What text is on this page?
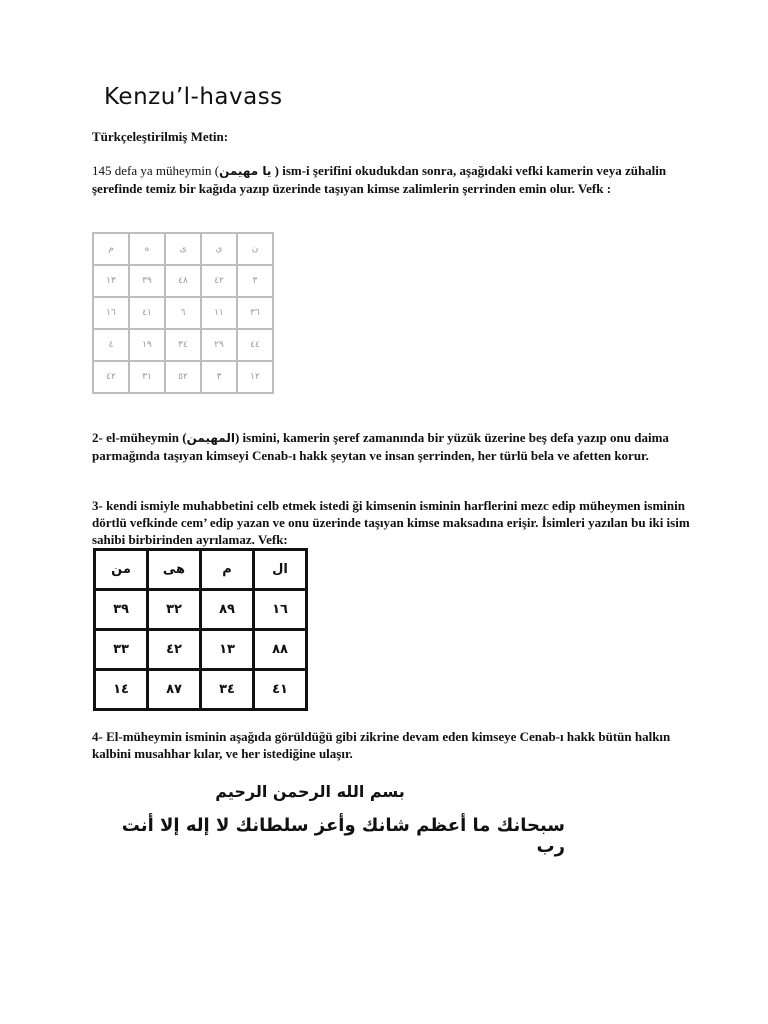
Kenzu’l-havass
Türkçeleştirilmiş Metin:
145 defa ya müheymin (يا مهيمن ) ism-i şerifini okudukdan sonra, aşağıdaki vefki kamerin veya zühalin şerefinde temiz bir kağıda yazıp üzerinde taşıyan kimse zalimlerin şerrinden emin olur. Vefk :
ن	ي	ى	ه	م
٣	٤٢	٤٨	٣٩	١٣
٣٦	١١	٦	٤١	١٦
٤٤	٢٩	٣٤	١٩	٤
١٢	٣	٥٢	٣١	٤٢
2- el-müheymin (المهيمن) ismini, kamerin şeref zamanında bir yüzük üzerine beş defa yazıp onu daima parmağında taşıyan kimseyi Cenab-ı hakk şeytan ve insan şerrinden, her türlü bela ve afetten korur.
3- kendi ismiyle muhabbetini celb etmek istedi ği kimsenin isminin harflerini mezc edip müheymen isminin dörtlü vefkinde cem’ edip yazan ve onu üzerinde taşıyan kimse maksadına erişir. İsimleri yazılan bu iki isim sahibi birbirinden ayrılamaz. Vefk:
ال	م	هى	من
١٦	٨٩	٣٢	٣٩
٨٨	١٣	٤٢	٣٣
٤١	٣٤	٨٧	١٤
4- El-müheymin isminin aşağıda görüldüğü gibi zikrine devam eden kimseye Cenab-ı hakk bütün halkın kalbini musahhar kılar, ve her istediğine ulaşır.
بسم الله الرحمن الرحيم
سبحانك ما أعظم شانك وأعز سلطانك لا إله إلا أنت رب
